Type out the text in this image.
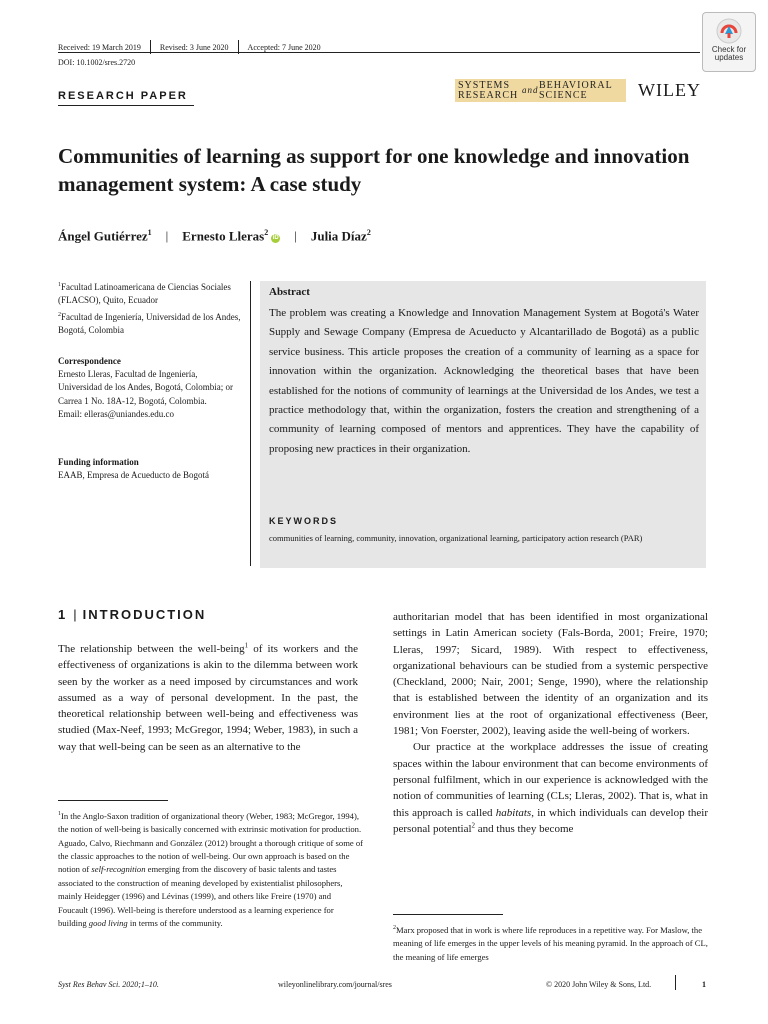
Received: 19 March 2019	Revised: 3 June 2020	Accepted: 7 June 2020
DOI: 10.1002/sres.2720
Check for
updates
RESEARCH PAPER
SYSTEMS
RESEARCH and BEHAVIORAL
SCIENCE	WILEY
Communities of learning as support for one knowledge and innovation management system: A case study
Ángel Gutiérrez$^1$	|	Ernesto Lleras$^2$iD	|	Julia Díaz$^2$
$^1$Facultad Latinoamericana de Ciencias Sociales (FLACSO), Quito, Ecuador
$^2$Facultad de Ingeniería, Universidad de los Andes, Bogotá, Colombia
Correspondence
Ernesto Lleras, Facultad de Ingeniería, Universidad de los Andes, Bogotá, Colombia; or Carrea 1 No. 18A-12, Bogotá, Colombia.
Email: elleras@uniandes.edu.co
Funding information
EAAB, Empresa de Acueducto de Bogotá
Abstract
The problem was creating a Knowledge and Innovation Management System at Bogotá's Water Supply and Sewage Company (Empresa de Acueducto y Alcantarillado de Bogotá) as a public service business. This article proposes the creation of a community of learning as a space for innovation within the organization. Acknowledging the theoretical bases that have been established for the notions of community of learnings at the Universidad de los Andes, we test a practice methodology that, within the organization, fosters the creation and strengthening of a community of learning composed of mentors and apprentices. They have the capability of proposing new practices in their organization.
KEYWORDS
communities of learning, community, innovation, organizational learning, participatory action research (PAR)
1 | INTRODUCTION

The relationship between the well-being$^1$ of its workers and the effectiveness of organizations is akin to the dilemma between work seen by the worker as a need imposed by circumstances and work assumed as a way of personal development. In the past, the theoretical relationship between well-being and effectiveness was studied (Max-Neef, 1993; McGregor, 1994; Weber, 1983), in such a way that well-being can be seen as an alternative to the

authoritarian model that has been identified in most organizational settings in Latin American society (Fals-Borda, 2001; Freire, 1970; Lleras, 1997; Sicard, 1989). With respect to effectiveness, organizational behaviours can be studied from a systemic perspective (Checkland, 2000; Nair, 2001; Senge, 1990), where the relationship that is established between the identity of an organization and its environment lies at the root of organizational effectiveness (Beer, 1981; Von Foerster, 2002), leaving aside the well-being of workers.

Our practice at the workplace addresses the issue of creating spaces within the labour environment that can become environments of personal fulfilment, which in our experience is acknowledged with the notion of communities of learning (CLs; Lleras, 2002). That is, what in this approach is called habitats, in which individuals can develop their personal potential$^2$ and thus they become

$^1$In the Anglo-Saxon tradition of organizational theory (Weber, 1983; McGregor, 1994), the notion of well-being is basically concerned with extrinsic motivation for production. Aguado, Calvo, Riechmann and González (2012) brought a thorough critique of some of the classic approaches to the notion of well-being. Our own approach is based on the notion of self-recognition emerging from the discovery of basic talents and tastes associated to the construction of meaning developed by existentialist philosophers, mainly Heidegger (1996) and Lévinas (1999), and others like Freire (1970) and Foucault (1996). Well-being is therefore understood as a learning experience for building good living in terms of the community.	$^2$Marx proposed that in work is where life reproduces in a repetitive way. For Maslow, the meaning of life emerges in the upper levels of his meaning pyramid. In the approach of CL, the meaning of life emerges
Syst Res Behav Sci. 2020;1–10.	wileyonlinelibrary.com/journal/sres	© 2020 John Wiley & Sons, Ltd.	1
